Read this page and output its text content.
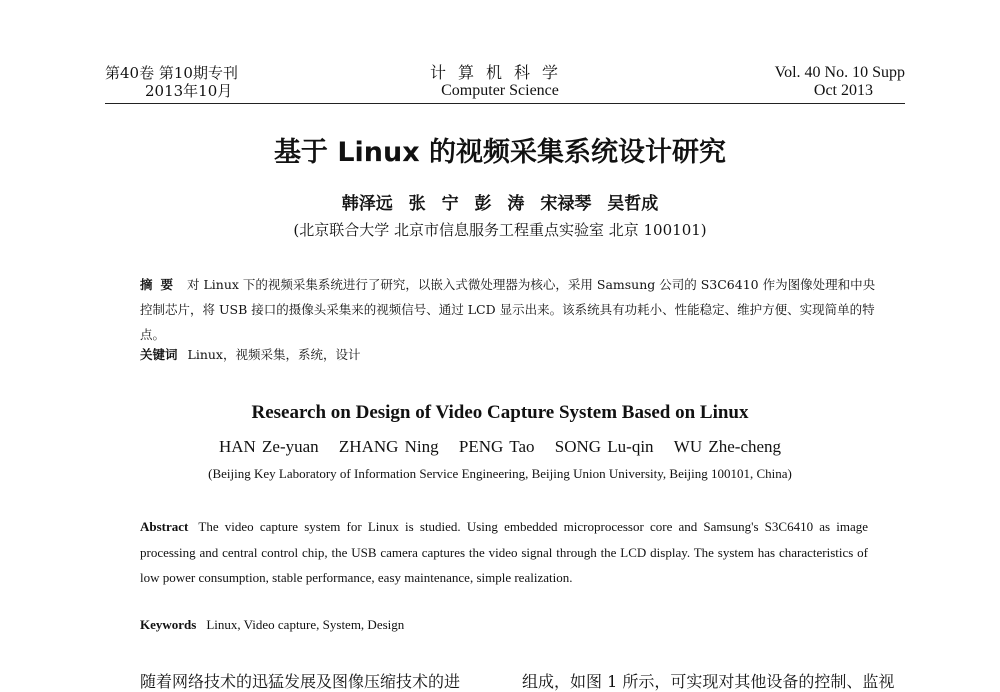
第40卷 第10期专刊
2013年10月
计算机科学
Computer Science
Vol. 40 No. 10 Supp
Oct 2013
基于 Linux 的视频采集系统设计研究
韩泽远 张 宁 彭 涛 宋禄琴 吴哲成
(北京联合大学 北京市信息服务工程重点实验室 北京 100101)
摘要 对 Linux 下的视频采集系统进行了研究，以嵌入式微处理器为核心，采用 Samsung 公司的 S3C6410 作为图像处理和中央控制芯片，将 USB 接口的摄像头采集来的视频信号、通过 LCD 显示出来。该系统具有功耗小、性能稳定、维护方便、实现简单的特点。
关键词 Linux，视频采集，系统，设计
Research on Design of Video Capture System Based on Linux
HAN Ze-yuan ZHANG Ning PENG Tao SONG Lu-qin WU Zhe-cheng
(Beijing Key Laboratory of Information Service Engineering, Beijing Union University, Beijing 100101, China)
Abstract The video capture system for Linux is studied. Using embedded microprocessor core and Samsung's S3C6410 as image processing and central control chip, the USB camera captures the video signal through the LCD display. The system has characteristics of low power consumption, stable performance, easy maintenance, simple realization.
Keywords Linux, Video capture, System, Design
随着网络技术的迅猛发展及图像压缩技术的进	组成，如图 1 所示，可实现对其他设备的控制、监视
